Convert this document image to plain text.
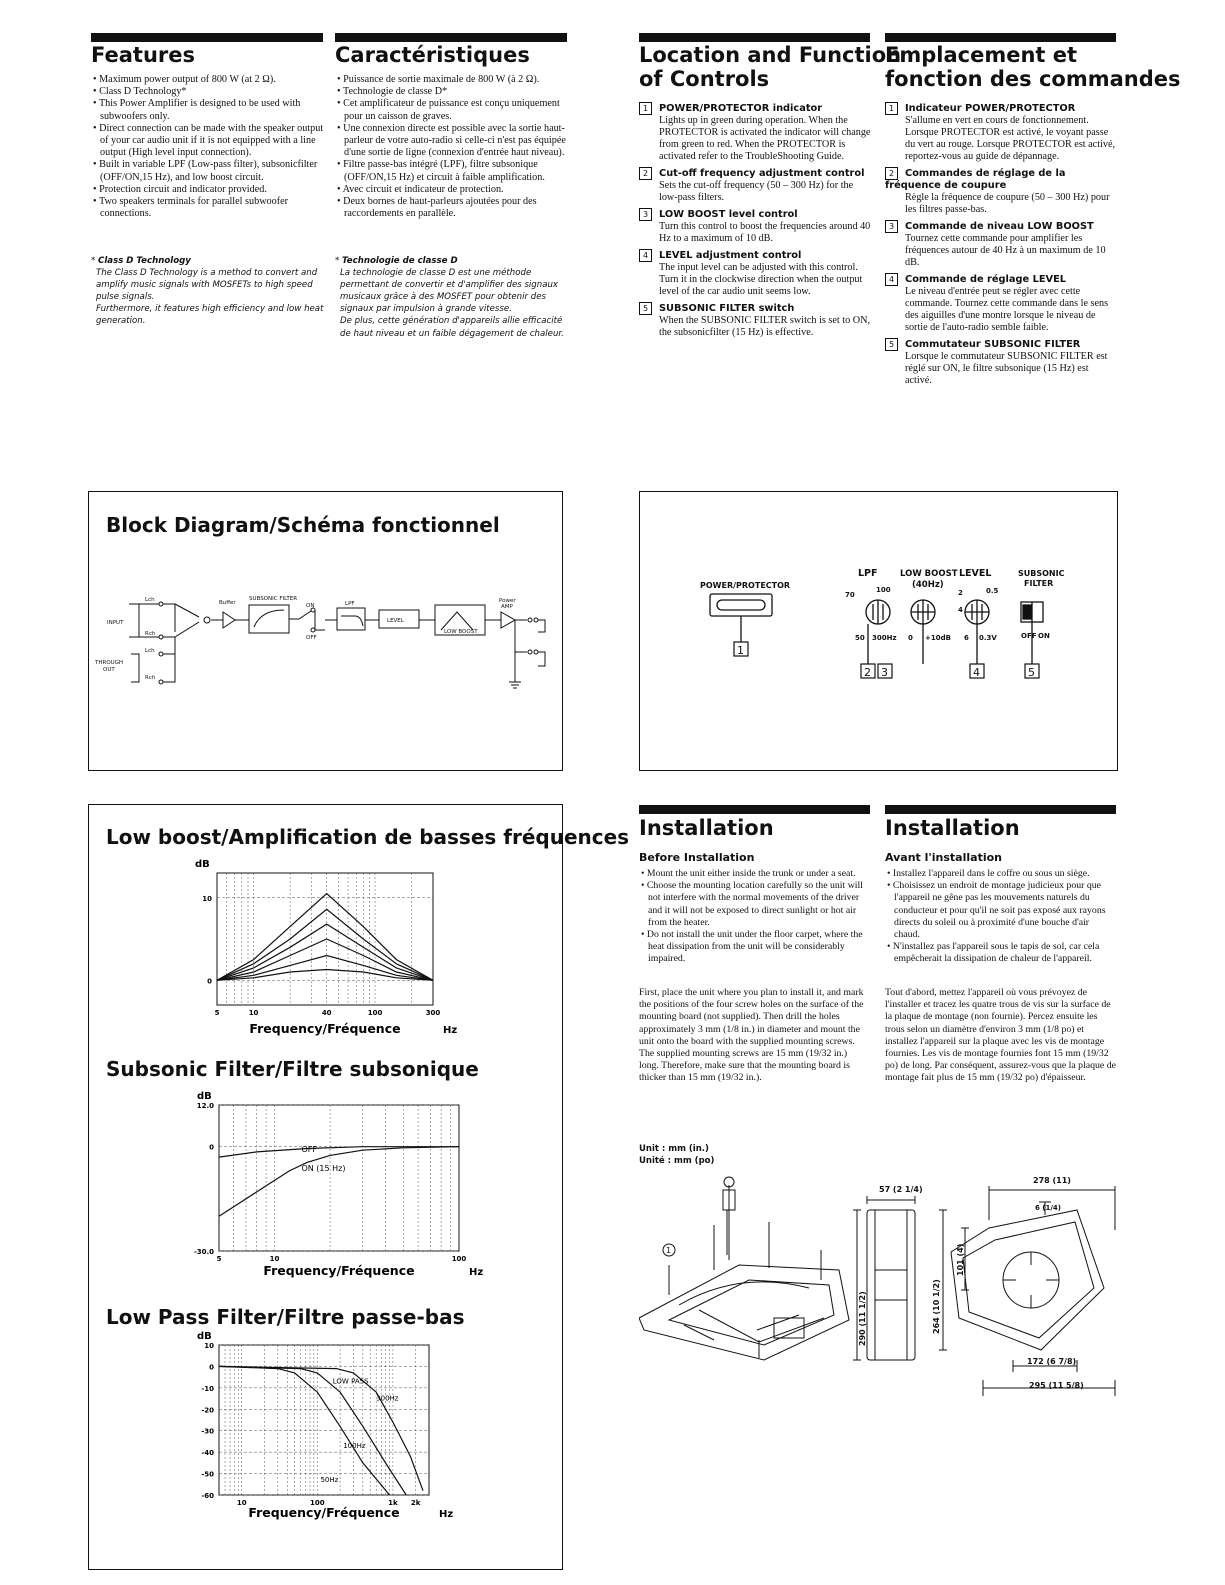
Features
• Maximum power output of 800 W (at 2 Ω).
• Class D Technology*
• This Power Amplifier is designed to be used with subwoofers only.
• Direct connection can be made with the speaker output of your car audio unit if it is not equipped with a line output (High level input connection).
• Built in variable LPF (Low-pass filter), subsonicfilter (OFF/ON,15 Hz), and low boost circuit.
• Protection circuit and indicator provided.
• Two speakers terminals for parallel subwoofer connections.
* Class D Technology
The Class D Technology is a method to convert and amplify music signals with MOSFETs to high speed pulse signals.
Furthermore, it features high efficiency and low heat generation.
Caractéristiques
• Puissance de sortie maximale de 800 W (à 2 Ω).
• Technologie de classe D*
• Cet amplificateur de puissance est conçu uniquement pour un caisson de graves.
• Une connexion directe est possible avec la sortie haut-parleur de votre auto-radio si celle-ci n'est pas équipée d'une sortie de ligne (connexion d'entrée haut niveau).
• Filtre passe-bas intégré (LPF), filtre subsonique (OFF/ON,15 Hz) et circuit à faible amplification.
• Avec circuit et indicateur de protection.
• Deux bornes de haut-parleurs ajoutées pour des raccordements en parallèle.
* Technologie de classe D
La technologie de classe D est une méthode permettant de convertir et d'amplifier des signaux musicaux grâce à des MOSFET pour obtenir des signaux par impulsion à grande vitesse.
De plus, cette génération d'appareils allie efficacité de haut niveau et un faible dégagement de chaleur.
Location and Function
of Controls
1 POWER/PROTECTOR indicator
Lights up in green during operation. When the PROTECTOR is activated the indicator will change from green to red. When the PROTECTOR is activated refer to the TroubleShooting Guide.
2 Cut-off frequency adjustment control
Sets the cut-off frequency (50 – 300 Hz) for the low-pass filters.
3 LOW BOOST level control
Turn this control to boost the frequencies around 40 Hz to a maximum of 10 dB.
4 LEVEL adjustment control
The input level can be adjusted with this control. Turn it in the clockwise direction when the output level of the car audio unit seems low.
5 SUBSONIC FILTER switch
When the SUBSONIC FILTER switch is set to ON, the subsonicfilter (15 Hz) is effective.
Emplacement et
fonction des commandes
1 Indicateur POWER/PROTECTOR
S'allume en vert en cours de fonctionnement. Lorsque PROTECTOR est activé, le voyant passe du vert au rouge. Lorsque PROTECTOR est activé, reportez-vous au guide de dépannage.
2 Commandes de réglage de la fréquence de coupure
Règle la fréquence de coupure (50 – 300 Hz) pour les filtres passe-bas.
3 Commande de niveau LOW BOOST
Tournez cette commande pour amplifier les fréquences autour de 40 Hz à un maximum de 10 dB.
4 Commande de réglage LEVEL
Le niveau d'entrée peut se régler avec cette commande. Tournez cette commande dans le sens des aiguilles d'une montre lorsque le niveau de sortie de l'auto-radio semble faible.
5 Commutateur SUBSONIC FILTER
Lorsque le commutateur SUBSONIC FILTER est réglé sur ON, le filtre subsonique (15 Hz) est activé.
Block Diagram/Schéma fonctionnel
INPUT
Lch
Rch
Lch
Rch
THROUGH
OUT
Buffer
SUBSONIC FILTER
ON
OFF
LPF
LEVEL
LOW BOOST
Power
AMP
POWER/PROTECTOR
LPF	LOW BOOST
(40Hz)
LEVEL	SUBSONIC
FILTER
70
100
50 300Hz 0 +10dB
2	0.5
4
6 0.3V	OFF ON
1
2 3	4	5
Low boost/Amplification de basses fréquences
Subsonic Filter/Filtre subsonique
Low Pass Filter/Filtre passe-bas
10
0
5	10	40	100	300
dB
Frequency/Fréquence	Hz
12.0
0
-30.0
5	10	100
dB
Frequency/Fréquence	Hz
OFF
ON (15 Hz)
10
0
-10
-20
-30
-40
-50
-60
10	100	1k 2k
dB
Frequency/Fréquence	Hz
LOW PASS
300Hz
100Hz
50Hz
Installation
Before Installation
• Mount the unit either inside the trunk or under a seat.
• Choose the mounting location carefully so the unit will not interfere with the normal movements of the driver and it will not be exposed to direct sunlight or hot air from the heater.
• Do not install the unit under the floor carpet, where the heat dissipation from the unit will be considerably impaired.

First, place the unit where you plan to install it, and mark the positions of the four screw holes on the surface of the mounting board (not supplied). Then drill the holes approximately 3 mm (1/8 in.) in diameter and mount the unit onto the board with the supplied mounting screws. The supplied mounting screws are 15 mm (19/32 in.) long. Therefore, make sure that the mounting board is thicker than 15 mm (19/32 in.).

Installation
Avant l'installation
• Installez l'appareil dans le coffre ou sous un siège.
• Choisissez un endroit de montage judicieux pour que l'appareil ne gêne pas les mouvements naturels du conducteur et pour qu'il ne soit pas exposé aux rayons directs du soleil ou à proximité d'une bouche d'air chaud.
• N'installez pas l'appareil sous le tapis de sol, car cela empêcherait la dissipation de chaleur de l'appareil.

Tout d'abord, mettez l'appareil où vous prévoyez de l'installer et tracez les quatre trous de vis sur la surface de la plaque de montage (non fournie). Percez ensuite les trous selon un diamètre d'environ 3 mm (1/8 po) et installez l'appareil sur la plaque avec les vis de montage fournies. Les vis de montage fournies font 15 mm (19/32 po) de long. Par conséquent, assurez-vous que la plaque de montage fait plus de 15 mm (19/32 po) d'épaisseur.

Unit : mm (in.)
Unité : mm (po)
57 (2 1/4)
278 (11)
6 (1/4)
172 (6 7/8)
295 (11 5/8)
290 (11 1/2)	264 (10 1/2)
101 (4)
1
